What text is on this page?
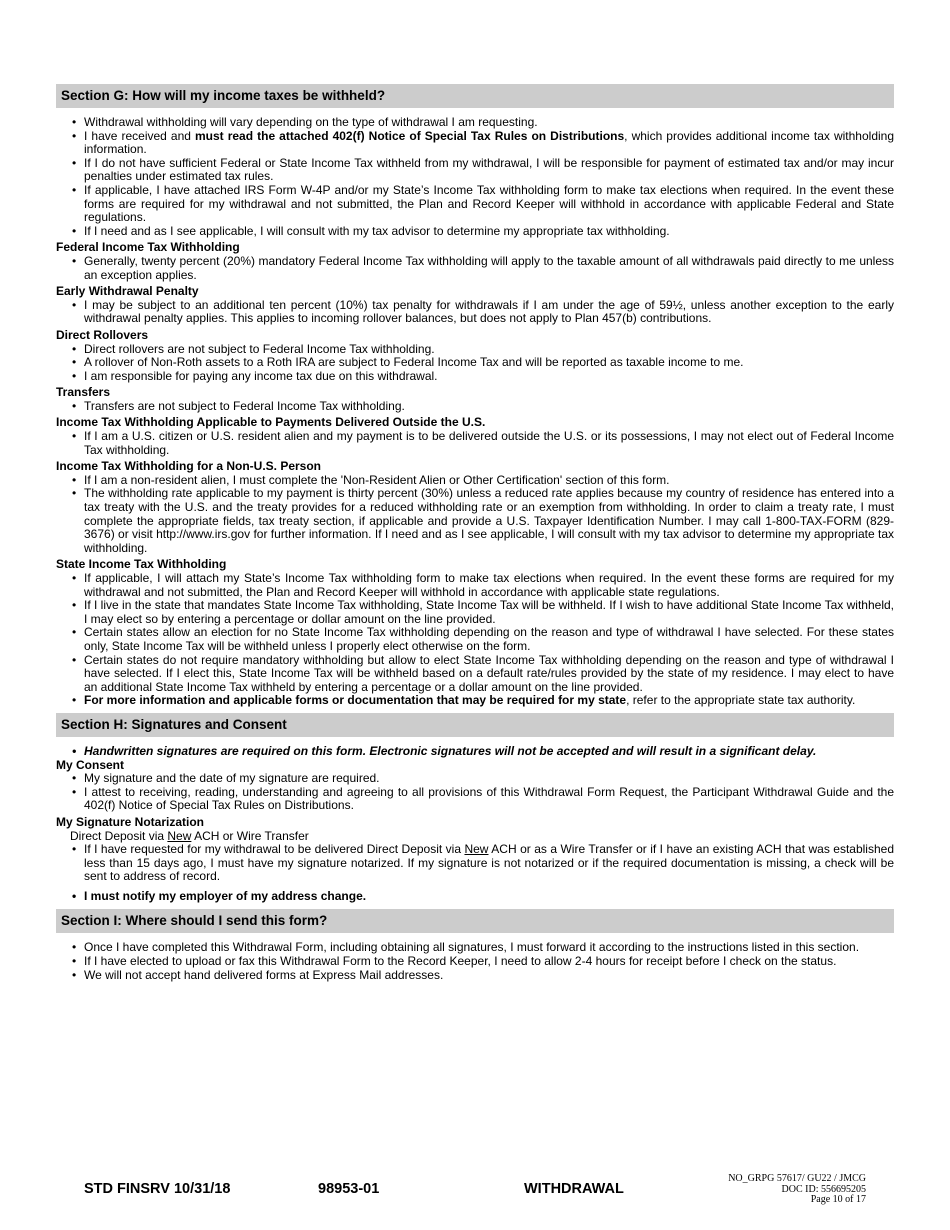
Section G: How will my income taxes be withheld?
• Withdrawal withholding will vary depending on the type of withdrawal I am requesting.
• I have received and must read the attached 402(f) Notice of Special Tax Rules on Distributions, which provides additional income tax withholding information.
• If I do not have sufficient Federal or State Income Tax withheld from my withdrawal, I will be responsible for payment of estimated tax and/or may incur penalties under estimated tax rules.
• If applicable, I have attached IRS Form W-4P and/or my State’s Income Tax withholding form to make tax elections when required. In the event these forms are required for my withdrawal and not submitted, the Plan and Record Keeper will withhold in accordance with applicable Federal and State regulations.
• If I need and as I see applicable, I will consult with my tax advisor to determine my appropriate tax withholding.
Federal Income Tax Withholding
• Generally, twenty percent (20%) mandatory Federal Income Tax withholding will apply to the taxable amount of all withdrawals paid directly to me unless an exception applies.
Early Withdrawal Penalty
• I may be subject to an additional ten percent (10%) tax penalty for withdrawals if I am under the age of 59½, unless another exception to the early withdrawal penalty applies. This applies to incoming rollover balances, but does not apply to Plan 457(b) contributions.
Direct Rollovers
• Direct rollovers are not subject to Federal Income Tax withholding.
• A rollover of Non-Roth assets to a Roth IRA are subject to Federal Income Tax and will be reported as taxable income to me.
• I am responsible for paying any income tax due on this withdrawal.
Transfers
• Transfers are not subject to Federal Income Tax withholding.
Income Tax Withholding Applicable to Payments Delivered Outside the U.S.
• If I am a U.S. citizen or U.S. resident alien and my payment is to be delivered outside the U.S. or its possessions, I may not elect out of Federal Income Tax withholding.
Income Tax Withholding for a Non-U.S. Person
• If I am a non-resident alien, I must complete the 'Non-Resident Alien or Other Certification' section of this form.
• The withholding rate applicable to my payment is thirty percent (30%) unless a reduced rate applies because my country of residence has entered into a tax treaty with the U.S. and the treaty provides for a reduced withholding rate or an exemption from withholding. In order to claim a treaty rate, I must complete the appropriate fields, tax treaty section, if applicable and provide a U.S. Taxpayer Identification Number. I may call 1-800-TAX-FORM (829-3676) or visit http://www.irs.gov for further information. If I need and as I see applicable, I will consult with my tax advisor to determine my appropriate tax withholding.
State Income Tax Withholding
• If applicable, I will attach my State’s Income Tax withholding form to make tax elections when required. In the event these forms are required for my withdrawal and not submitted, the Plan and Record Keeper will withhold in accordance with applicable state regulations.
• If I live in the state that mandates State Income Tax withholding, State Income Tax will be withheld. If I wish to have additional State Income Tax withheld, I may elect so by entering a percentage or dollar amount on the line provided.
• Certain states allow an election for no State Income Tax withholding depending on the reason and type of withdrawal I have selected. For these states only, State Income Tax will be withheld unless I properly elect otherwise on the form.
• Certain states do not require mandatory withholding but allow to elect State Income Tax withholding depending on the reason and type of withdrawal I have selected. If I elect this, State Income Tax will be withheld based on a default rate/rules provided by the state of my residence. I may elect to have an additional State Income Tax withheld by entering a percentage or a dollar amount on the line provided.
• For more information and applicable forms or documentation that may be required for my state, refer to the appropriate state tax authority.
Section H: Signatures and Consent
• Handwritten signatures are required on this form. Electronic signatures will not be accepted and will result in a significant delay.
My Consent
• My signature and the date of my signature are required.
• I attest to receiving, reading, understanding and agreeing to all provisions of this Withdrawal Form Request, the Participant Withdrawal Guide and the 402(f) Notice of Special Tax Rules on Distributions.
My Signature Notarization
Direct Deposit via New ACH or Wire Transfer
• If I have requested for my withdrawal to be delivered Direct Deposit via New ACH or as a Wire Transfer or if I have an existing ACH that was established less than 15 days ago, I must have my signature notarized. If my signature is not notarized or if the required documentation is missing, a check will be sent to address of record.
• I must notify my employer of my address change.
Section I: Where should I send this form?
• Once I have completed this Withdrawal Form, including obtaining all signatures, I must forward it according to the instructions listed in this section.
• If I have elected to upload or fax this Withdrawal Form to the Record Keeper, I need to allow 2-4 hours for receipt before I check on the status.
• We will not accept hand delivered forms at Express Mail addresses.
STD FINSRV 10/31/18	98953-01	WITHDRAWAL
NO_GRPG 57617/ GU22 / JMCG
DOC ID: 556695205
Page 10 of 17
